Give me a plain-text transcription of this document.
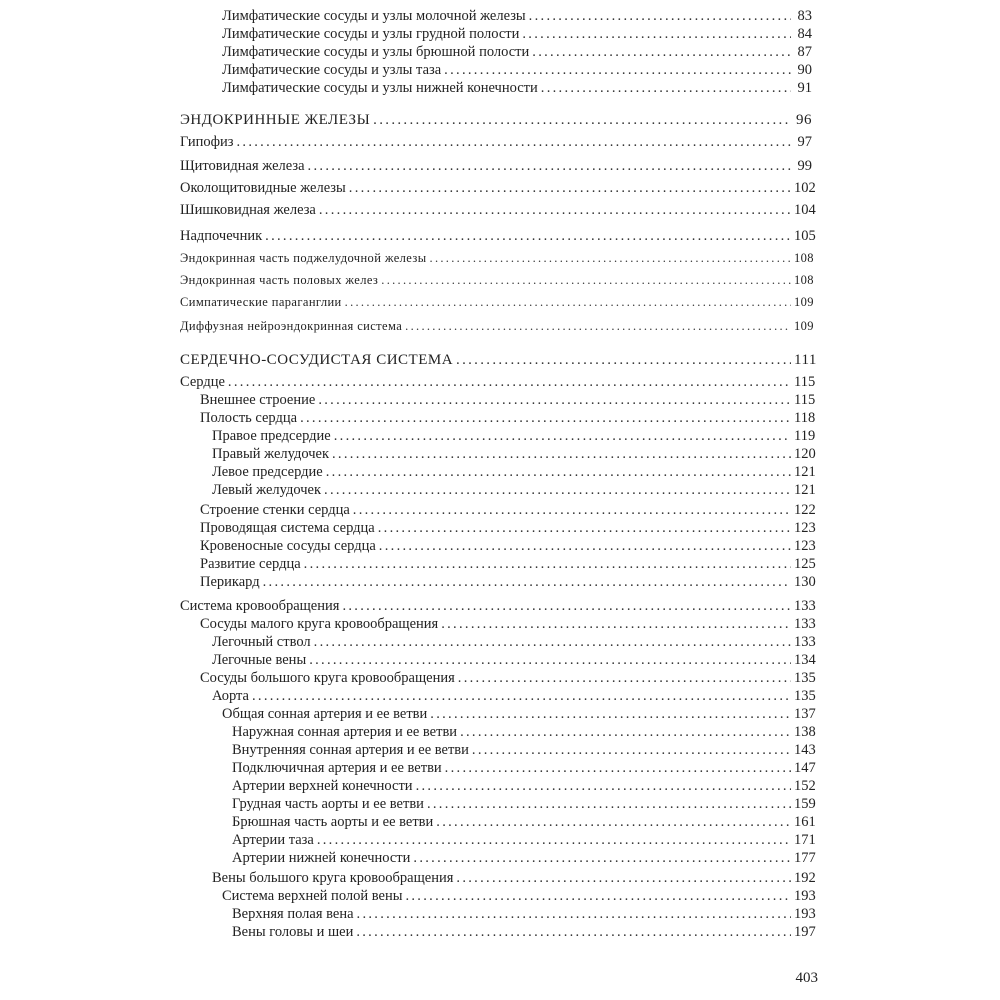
Лимфатические сосуды и узлы молочной железы .....	83
Лимфатические сосуды и узлы грудной полости .....	84
Лимфатические сосуды и узлы брюшной полости .....	87
Лимфатические сосуды и узлы таза .....	90
Лимфатические сосуды и узлы нижней конечности .....	91
ЭНДОКРИННЫЕ ЖЕЛЕЗЫ .....	96
Гипофиз .....	97
Щитовидная железа .....	99
Околощитовидные железы .....	102
Шишковидная железа .....	104
Надпочечник .....	105
Эндокринная часть поджелудочной железы .....	108
Эндокринная часть половых желез .....	108
Симпатические параганглии .....	109
Диффузная нейроэндокринная система .....	109
СЕРДЕЧНО-СОСУДИСТАЯ СИСТЕМА .....	111
Сердце .....	115
Внешнее строение .....	115
Полость сердца .....	118
Правое предсердие .....	119
Правый желудочек .....	120
Левое предсердие .....	121
Левый желудочек .....	121
Строение стенки сердца .....	122
Проводящая система сердца .....	123
Кровеносные сосуды сердца .....	123
Развитие сердца .....	125
Перикард .....	130
Система кровообращения .....	133
Сосуды малого круга кровообращения .....	133
Легочный ствол .....	133
Легочные вены .....	134
Сосуды большого круга кровообращения .....	135
Аорта .....	135
Общая сонная артерия и ее ветви .....	137
Наружная сонная артерия и ее ветви .....	138
Внутренняя сонная артерия и ее ветви .....	143
Подключичная артерия и ее ветви .....	147
Артерии верхней конечности .....	152
Грудная часть аорты и ее ветви .....	159
Брюшная часть аорты и ее ветви .....	161
Артерии таза .....	171
Артерии нижней конечности .....	177
Вены большого круга кровообращения .....	192
Система верхней полой вены .....	193
Верхняя полая вена .....	193
Вены головы и шеи .....	197
403
